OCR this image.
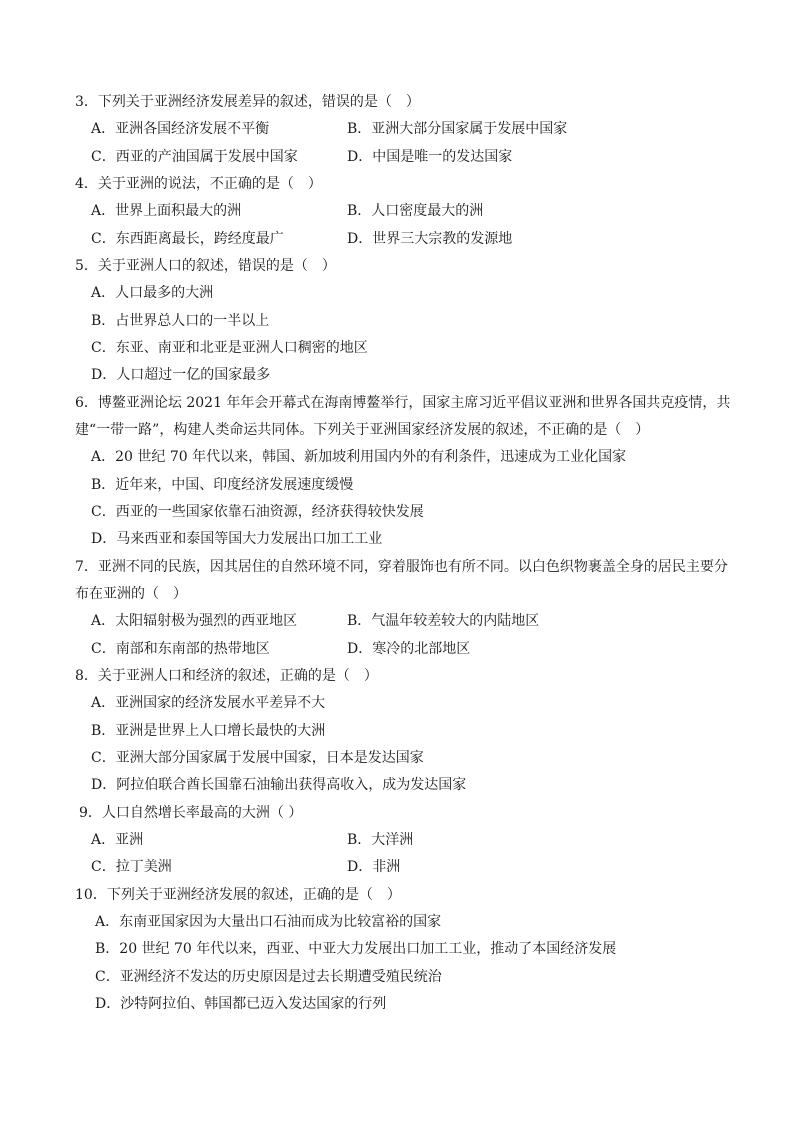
3．下列关于亚洲经济发展差异的叙述，错误的是（　）
A．亚洲各国经济发展不平衡	B．亚洲大部分国家属于发展中国家
C．西亚的产油国属于发展中国家	D．中国是唯一的发达国家
4．关于亚洲的说法，不正确的是（　）
A．世界上面积最大的洲	B．人口密度最大的洲
C．东西距离最长，跨经度最广	D．世界三大宗教的发源地
5．关于亚洲人口的叙述，错误的是（　）
A．人口最多的大洲
B．占世界总人口的一半以上
C．东亚、南亚和北亚是亚洲人口稠密的地区
D．人口超过一亿的国家最多
6．博鳌亚洲论坛 2021 年年会开幕式在海南博鳌举行，国家主席习近平倡议亚洲和世界各国共克疫情，共
建“一带一路”，构建人类命运共同体。下列关于亚洲国家经济发展的叙述，不正确的是（　）
A．20 世纪 70 年代以来，韩国、新加坡利用国内外的有利条件，迅速成为工业化国家
B．近年来，中国、印度经济发展速度缓慢
C．西亚的一些国家依靠石油资源，经济获得较快发展
D．马来西亚和泰国等国大力发展出口加工工业
7．亚洲不同的民族，因其居住的自然环境不同，穿着服饰也有所不同。以白色织物裹盖全身的居民主要分
布在亚洲的（　）
A．太阳辐射极为强烈的西亚地区	B．气温年较差较大的内陆地区
C．南部和东南部的热带地区	D．寒冷的北部地区
8．关于亚洲人口和经济的叙述，正确的是（　）
A．亚洲国家的经济发展水平差异不大
B．亚洲是世界上人口增长最快的大洲
C．亚洲大部分国家属于发展中国家，日本是发达国家
D．阿拉伯联合酋长国靠石油输出获得高收入，成为发达国家
9．人口自然增长率最高的大洲（ ）
A．亚洲	B．大洋洲
C．拉丁美洲	D．非洲
10．下列关于亚洲经济发展的叙述，正确的是（　）
A．东南亚国家因为大量出口石油而成为比较富裕的国家
B．20 世纪 70 年代以来，西亚、中亚大力发展出口加工工业，推动了本国经济发展
C．亚洲经济不发达的历史原因是过去长期遭受殖民统治
D．沙特阿拉伯、韩国都已迈入发达国家的行列
